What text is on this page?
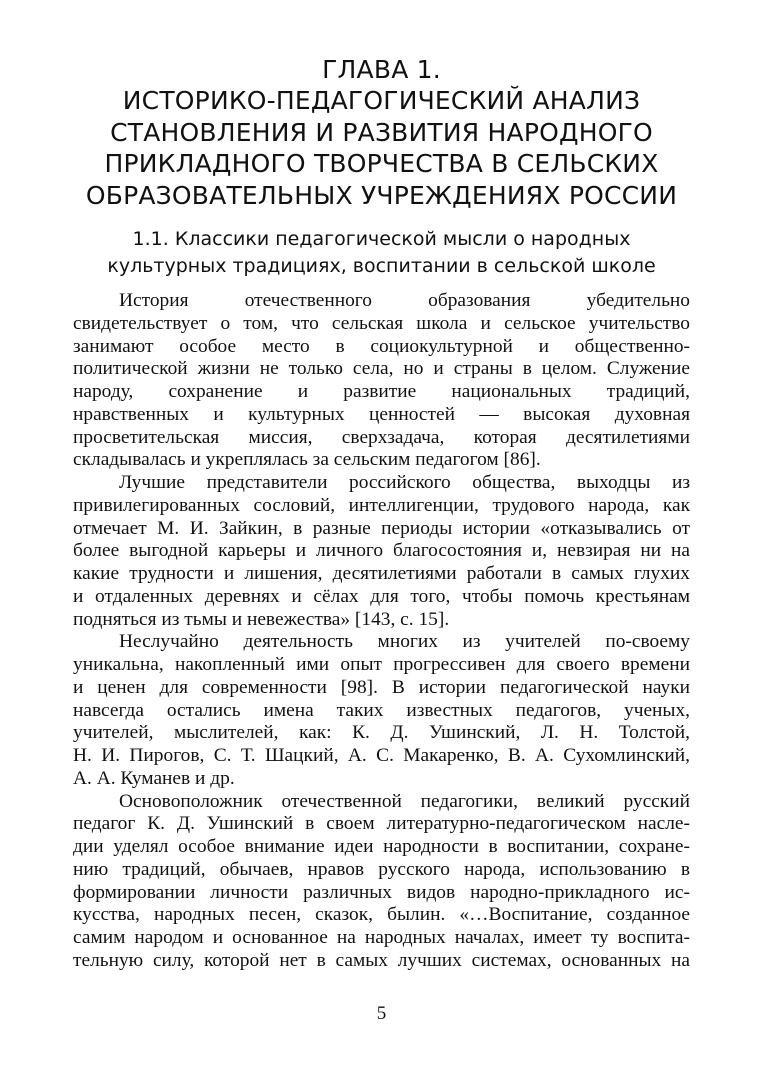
ГЛАВА 1.
ИСТОРИКО-ПЕДАГОГИЧЕСКИЙ АНАЛИЗ
СТАНОВЛЕНИЯ И РАЗВИТИЯ НАРОДНОГО
ПРИКЛАДНОГО ТВОРЧЕСТВА В СЕЛЬСКИХ
ОБРАЗОВАТЕЛЬНЫХ УЧРЕЖДЕНИЯХ РОССИИ
1.1. Классики педагогической мысли о народных
культурных традициях, воспитании в сельской школе
История отечественного образования убедительно
свидетельствует о том, что сельская школа и сельское учительство
занимают особое место в социокультурной и общественно-
политической жизни не только села, но и страны в целом. Служение
народу, сохранение и развитие национальных традиций,
нравственных и культурных ценностей — высокая духовная
просветительская миссия, сверхзадача, которая десятилетиями
складывалась и укреплялась за сельским педагогом [86].
Лучшие представители российского общества, выходцы из
привилегированных сословий, интеллигенции, трудового народа, как
отмечает М. И. Зайкин, в разные периоды истории «отказывались от
более выгодной карьеры и личного благосостояния и, невзирая ни на
какие трудности и лишения, десятилетиями работали в самых глухих
и отдаленных деревнях и сёлах для того, чтобы помочь крестьянам
подняться из тьмы и невежества» [143, с. 15].
Неслучайно деятельность многих из учителей по-своему
уникальна, накопленный ими опыт прогрессивен для своего времени
и ценен для современности [98]. В истории педагогической науки
навсегда остались имена таких известных педагогов, ученых,
учителей, мыслителей, как: К. Д. Ушинский, Л. Н. Толстой,
Н. И. Пирогов, С. Т. Шацкий, А. С. Макаренко, В. А. Сухомлинский,
А. А. Куманев и др.
Основоположник отечественной педагогики, великий русский
педагог К. Д. Ушинский в своем литературно-педагогическом насле-
дии уделял особое внимание идеи народности в воспитании, сохране-
нию традиций, обычаев, нравов русского народа, использованию в
формировании личности различных видов народно-прикладного ис-
кусства, народных песен, сказок, былин. «…Воспитание, созданное
самим народом и основанное на народных началах, имеет ту воспита-
тельную силу, которой нет в самых лучших системах, основанных на
5
